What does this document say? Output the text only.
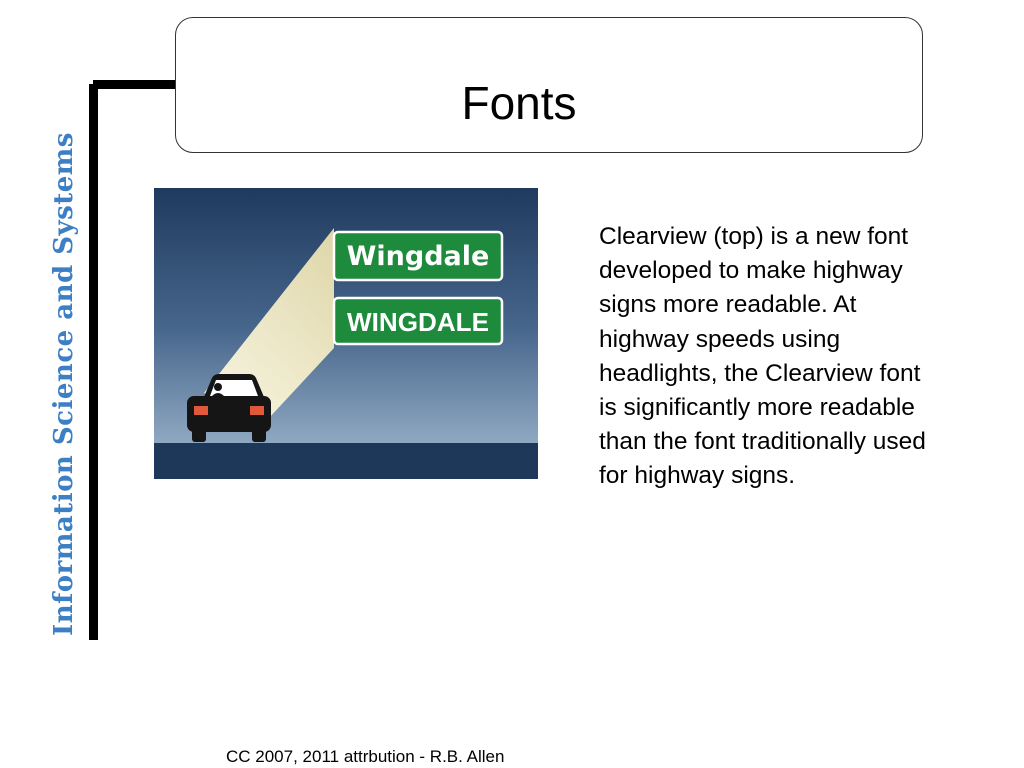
Information Science and Systems
Fonts
Wingdale
WINGDALE

Clearview (top) is a new font developed to make highway signs more readable. At highway speeds using headlights, the Clearview font is significantly more readable than the font traditionally used for highway signs.

CC 2007, 2011 attrbution - R.B. Allen
